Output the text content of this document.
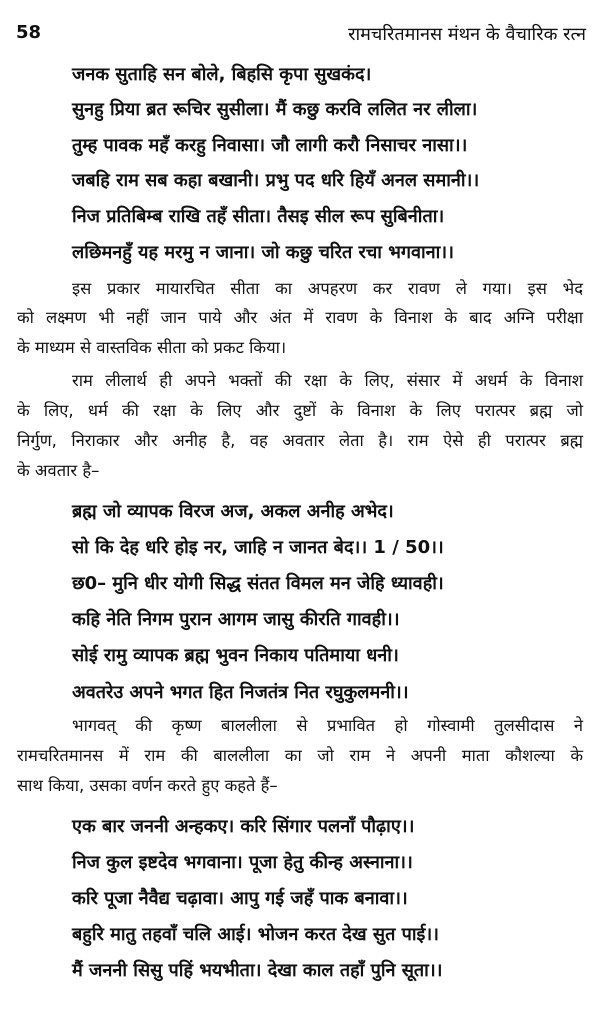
58	रामचरितमानस मंथन के वैचारिक रत्न
जनक सुताहि सन बोले, बिहसि कृपा सुखकंद।
सुनहु प्रिया ब्रत रूचिर सुसीला। मैं कछु करवि ललित नर लीला।
तुम्ह पावक महँ करहु निवासा। जौ लागी करौ निसाचर नासा।।
जबहि राम सब कहा बखानी। प्रभु पद धरि हियँ अनल समानी।।
निज प्रतिबिम्ब राखि तहँ सीता। तैसइ सील रूप सुबिनीता।
लछिमनहुँ यह मरमु न जाना। जो कछु चरित रचा भगवाना।।
इस प्रकार मायारचित सीता का अपहरण कर रावण ले गया। इस भेद
को लक्ष्मण भी नहीं जान पाये और अंत में रावण के विनाश के बाद अग्नि परीक्षा
के माध्यम से वास्तविक सीता को प्रकट किया।
राम लीलार्थ ही अपने भक्तों की रक्षा के लिए, संसार में अधर्म के विनाश
के लिए, धर्म की रक्षा के लिए और दुष्टों के विनाश के लिए परात्पर ब्रह्म जो
निर्गुण, निराकार और अनीह है, वह अवतार लेता है। राम ऐसे ही परात्पर ब्रह्म
के अवतार है–
ब्रह्म जो व्यापक विरज अज, अकल अनीह अभेद।
सो कि देह धरि होइ नर, जाहि न जानत बेद।। 1 / 50।।
छ0– मुनि धीर योगी सिद्ध संतत विमल मन जेहि ध्यावही।
कहि नेति निगम पुरान आगम जासु कीरति गावही।।
सोई रामु व्यापक ब्रह्म भुवन निकाय पतिमाया धनी।
अवतरेउ अपने भगत हित निजतंत्र नित रघुकुलमनी।।
भागवत् की कृष्ण बाललीला से प्रभावित हो गोस्वामी तुलसीदास ने
रामचरितमानस में राम की बाललीला का जो राम ने अपनी माता कौशल्या के
साथ किया, उसका वर्णन करते हुए कहते हैं–
एक बार जननी अन्हकए। करि सिंगार पलनाँ पौढ़ाए।।
निज कुल इष्टदेव भगवाना। पूजा हेतु कीन्ह अस्नाना।।
करि पूजा नैवैद्य चढ़ावा। आपु गई जहँ पाक बनावा।।
बहुरि मातु तहवाँ चलि आई। भोजन करत देख सुत पाई।।
मैं जननी सिसु पहिं भयभीता। देखा काल तहाँ पुनि सूता।।
